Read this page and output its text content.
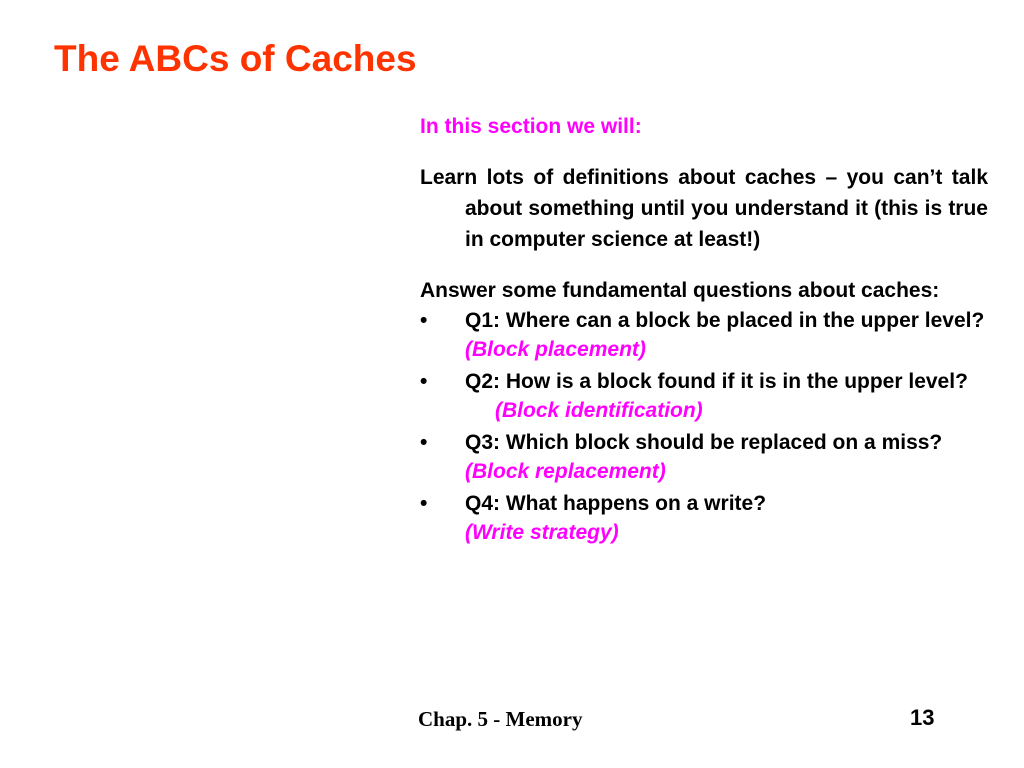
The ABCs of Caches
In this section we will:

Learn lots of definitions about caches – you can’t talk about something until you understand it (this is true in computer science at least!)

Answer some fundamental questions about caches:

• Q1: Where can a block be placed in the upper level? (Block placement)
• Q2: How is a block found if it is in the upper level?(Block identification)
• Q3: Which block should be replaced on a miss?(Block replacement)
• Q4: What happens on a write?
(Write strategy)
Chap. 5 - Memory	13
